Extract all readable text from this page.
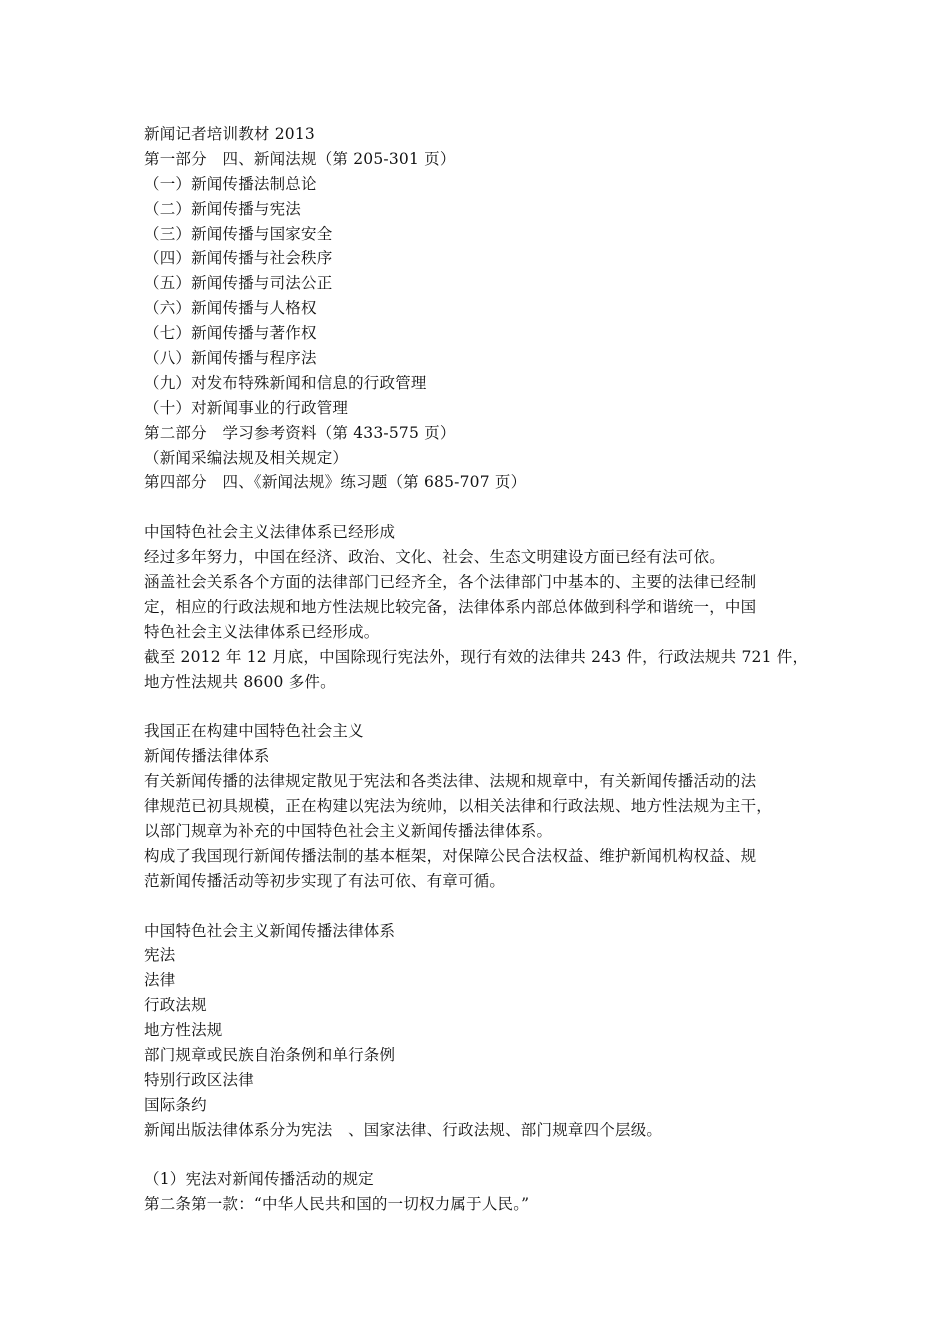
新闻记者培训教材 2013
第一部分　四、新闻法规（第 205-301 页）
（一）新闻传播法制总论
（二）新闻传播与宪法
（三）新闻传播与国家安全
（四）新闻传播与社会秩序
（五）新闻传播与司法公正
（六）新闻传播与人格权
（七）新闻传播与著作权
（八）新闻传播与程序法
（九）对发布特殊新闻和信息的行政管理
（十）对新闻事业的行政管理
第二部分　学习参考资料（第 433-575 页）
（新闻采编法规及相关规定）
第四部分　四、《新闻法规》练习题（第 685-707 页）
中国特色社会主义法律体系已经形成
经过多年努力，中国在经济、政治、文化、社会、生态文明建设方面已经有法可依。
涵盖社会关系各个方面的法律部门已经齐全，各个法律部门中基本的、主要的法律已经制
定，相应的行政法规和地方性法规比较完备，法律体系内部总体做到科学和谐统一，中国
特色社会主义法律体系已经形成。
截至 2012 年 12 月底，中国除现行宪法外，现行有效的法律共 243 件，行政法规共 721 件，
地方性法规共 8600 多件。
我国正在构建中国特色社会主义
新闻传播法律体系
有关新闻传播的法律规定散见于宪法和各类法律、法规和规章中，有关新闻传播活动的法
律规范已初具规模，正在构建以宪法为统帅，以相关法律和行政法规、地方性法规为主干，
以部门规章为补充的中国特色社会主义新闻传播法律体系。
构成了我国现行新闻传播法制的基本框架，对保障公民合法权益、维护新闻机构权益、规
范新闻传播活动等初步实现了有法可依、有章可循。
中国特色社会主义新闻传播法律体系
宪法
法律
行政法规
地方性法规
部门规章或民族自治条例和单行条例
特别行政区法律
国际条约
新闻出版法律体系分为宪法　、国家法律、行政法规、部门规章四个层级。
（1）宪法对新闻传播活动的规定
第二条第一款：“中华人民共和国的一切权力属于人民。”
